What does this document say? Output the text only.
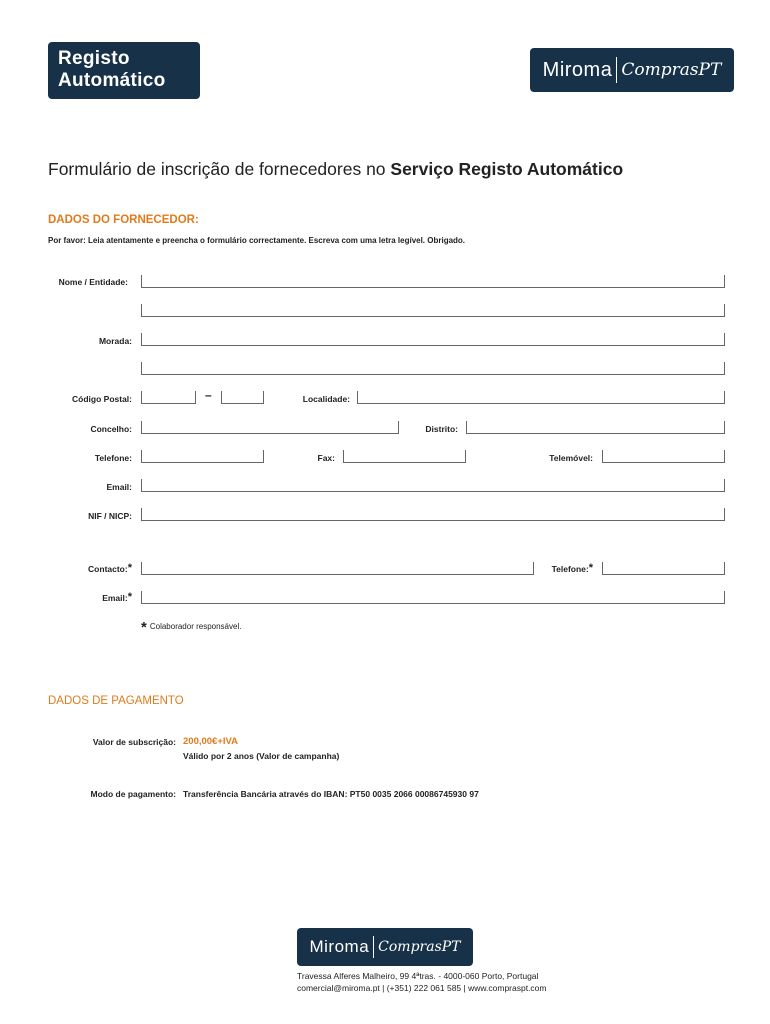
Registo
Automático	Miroma ComprasPT
Formulário de inscrição de fornecedores no Serviço Registo Automático
DADOS DO FORNECEDOR:
Por favor: Leia atentamente e preencha o formulário correctamente. Escreva com uma letra legível. Obrigado.
Nome / Entidade:
Morada:
Código Postal:	–	Localidade:
Concelho:	Distrito:
Telefone:	Fax:	Telemóvel:
Email:
NIF / NICP:
Contacto:*	Telefone:*
Email:*
* Colaborador responsável.
DADOS DE PAGAMENTO
Valor de subscrição: 200,00€+IVA
Válido por 2 anos (Valor de campanha)
Modo de pagamento: Transferência Bancária através do IBAN: PT50 0035 2066 00086745930 97
Miroma ComprasPT
Travessa Alferes Malheiro, 99 4ªtras. - 4000-060 Porto, Portugal
comercial@miroma.pt | (+351) 222 061 585 | www.compraspt.com
